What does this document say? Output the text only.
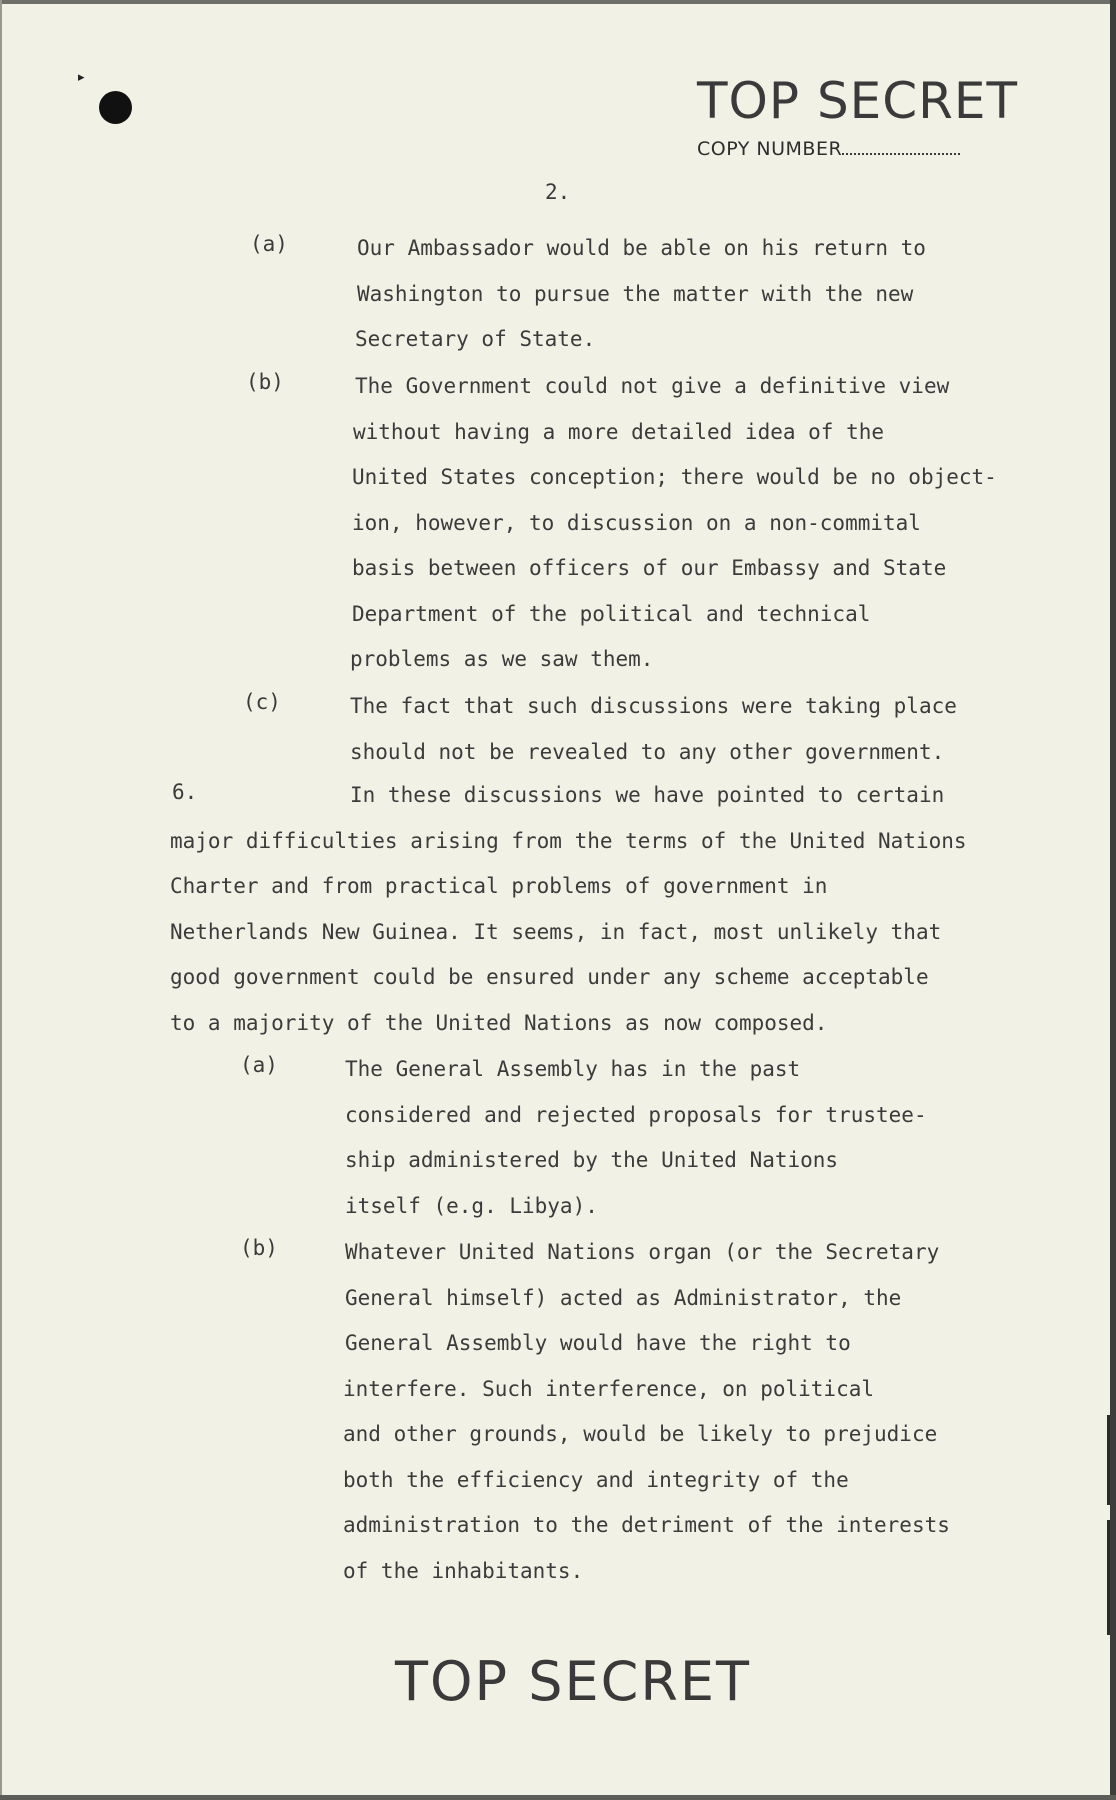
▸	TOP SECRET
COPY NUMBER
2.
(a)	Our Ambassador would be able on his return to
Washington to pursue the matter with the new
Secretary of State.
(b)	The Government could not give a definitive view
without having a more detailed idea of the
United States conception; there would be no object-
ion, however, to discussion on a non-commital
basis between officers of our Embassy and State
Department of the political and technical
problems as we saw them.
(c)	The fact that such discussions were taking place
should not be revealed to any other government.
6.	In these discussions we have pointed to certain
major difficulties arising from the terms of the United Nations
Charter and from practical problems of government in
Netherlands New Guinea. It seems, in fact, most unlikely that
good government could be ensured under any scheme acceptable
to a majority of the United Nations as now composed.
(a)	The General Assembly has in the past
considered and rejected proposals for trustee-
ship administered by the United Nations
itself (e.g. Libya).
(b)	Whatever United Nations organ (or the Secretary
General himself) acted as Administrator, the
General Assembly would have the right to
interfere. Such interference, on political
and other grounds, would be likely to prejudice
both the efficiency and integrity of the
administration to the detriment of the interests
of the inhabitants.
TOP SECRET
